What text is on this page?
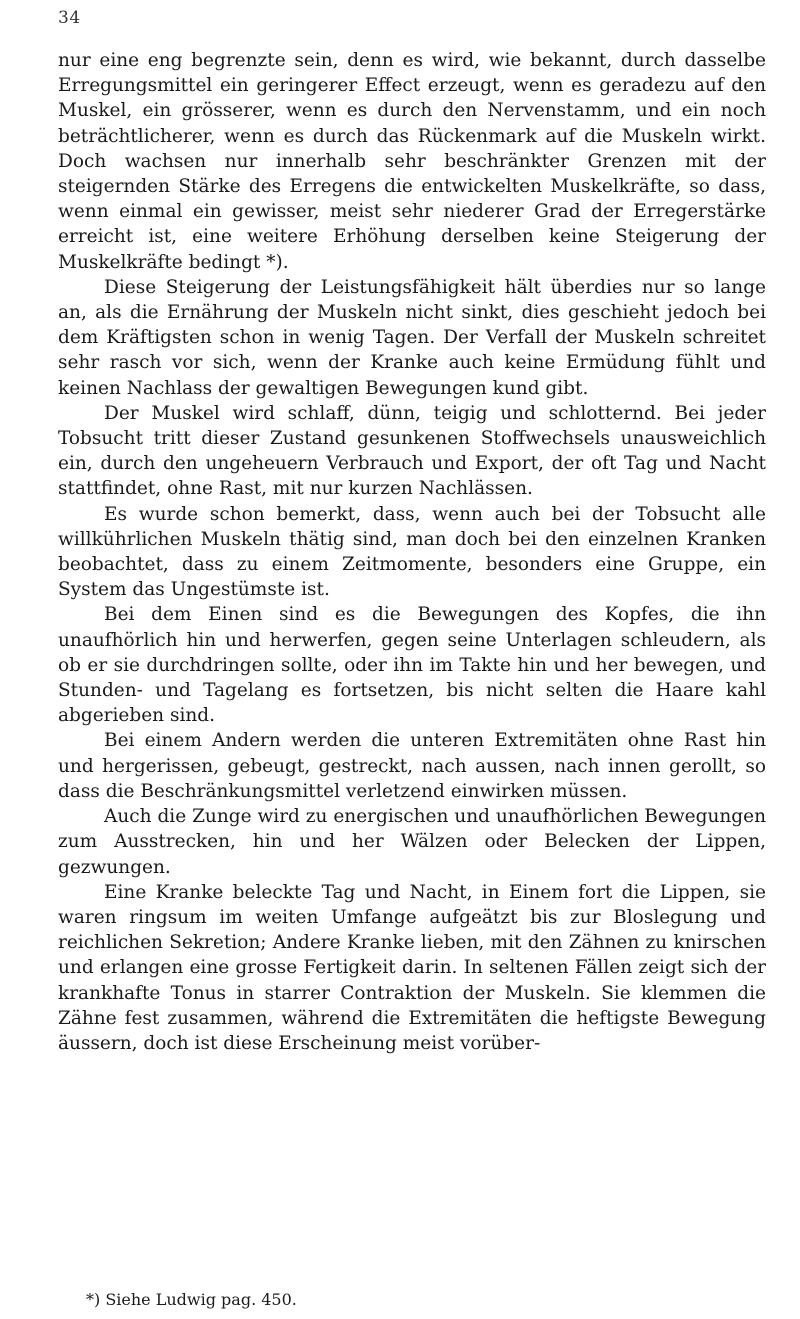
34

nur eine eng begrenzte sein, denn es wird, wie bekannt, durch dasselbe Erregungsmittel ein geringerer Effect erzeugt, wenn es geradezu auf den Muskel, ein grösserer, wenn es durch den Nervenstamm, und ein noch beträchtlicherer, wenn es durch das Rückenmark auf die Muskeln wirkt. Doch wachsen nur innerhalb sehr beschränkter Grenzen mit der steigernden Stärke des Erregens die entwickelten Muskelkräfte, so dass, wenn einmal ein gewisser, meist sehr niederer Grad der Erregerstärke erreicht ist, eine weitere Erhöhung derselben keine Steigerung der Muskelkräfte bedingt *).

Diese Steigerung der Leistungsfähigkeit hält überdies nur so lange an, als die Ernährung der Muskeln nicht sinkt, dies geschieht jedoch bei dem Kräftigsten schon in wenig Tagen. Der Verfall der Muskeln schreitet sehr rasch vor sich, wenn der Kranke auch keine Ermüdung fühlt und keinen Nachlass der gewaltigen Bewegungen kund gibt.

Der Muskel wird schlaff, dünn, teigig und schlotternd. Bei jeder Tobsucht tritt dieser Zustand gesunkenen Stoffwechsels unausweichlich ein, durch den ungeheuern Verbrauch und Export, der oft Tag und Nacht stattfindet, ohne Rast, mit nur kurzen Nachlässen.

Es wurde schon bemerkt, dass, wenn auch bei der Tobsucht alle willkührlichen Muskeln thätig sind, man doch bei den einzelnen Kranken beobachtet, dass zu einem Zeitmomente, besonders eine Gruppe, ein System das Ungestümste ist.

Bei dem Einen sind es die Bewegungen des Kopfes, die ihn unaufhörlich hin und herwerfen, gegen seine Unterlagen schleudern, als ob er sie durchdringen sollte, oder ihn im Takte hin und her bewegen, und Stunden- und Tagelang es fortsetzen, bis nicht selten die Haare kahl abgerieben sind.

Bei einem Andern werden die unteren Extremitäten ohne Rast hin und hergerissen, gebeugt, gestreckt, nach aussen, nach innen gerollt, so dass die Beschränkungsmittel verletzend einwirken müssen.

Auch die Zunge wird zu energischen und unaufhörlichen Bewegungen zum Ausstrecken, hin und her Wälzen oder Belecken der Lippen, gezwungen.

Eine Kranke beleckte Tag und Nacht, in Einem fort die Lippen, sie waren ringsum im weiten Umfange aufgeätzt bis zur Bloslegung und reichlichen Sekretion; Andere Kranke lieben, mit den Zähnen zu knirschen und erlangen eine grosse Fertigkeit darin. In seltenen Fällen zeigt sich der krankhafte Tonus in starrer Contraktion der Muskeln. Sie klemmen die Zähne fest zusammen, während die Extremitäten die heftigste Bewegung äussern, doch ist diese Erscheinung meist vorüber-

*) Siehe Ludwig pag. 450.
